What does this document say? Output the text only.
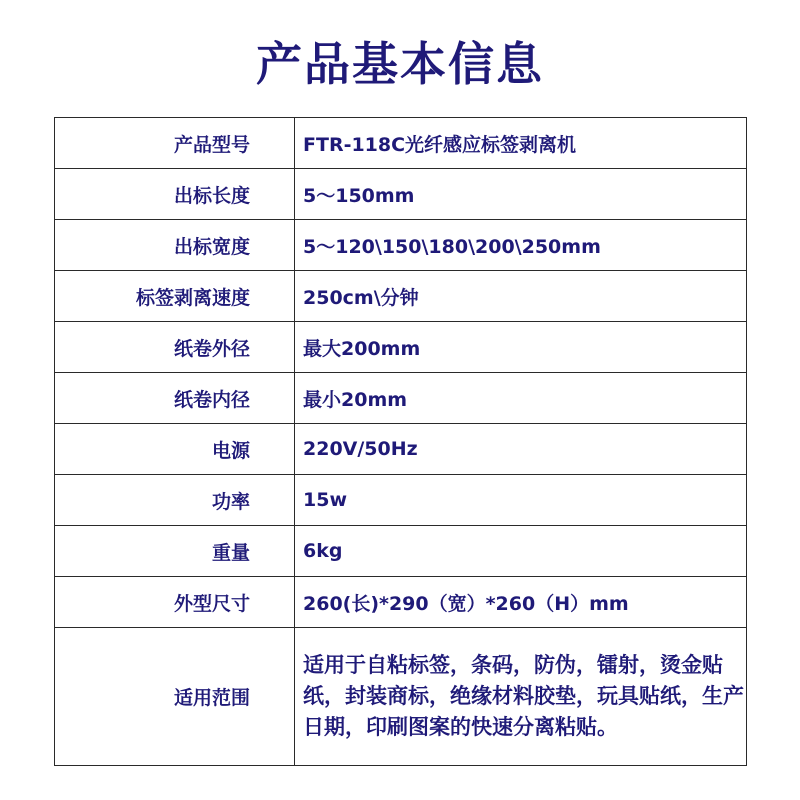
产品基本信息
产品型号	FTR-118C光纤感应标签剥离机
出标长度	5～150mm
出标宽度	5～120\150\180\200\250mm
标签剥离速度	250cm\分钟
纸卷外径	最大200mm
纸卷内径	最小20mm
电源	220V/50Hz
功率	15w
重量	6kg
外型尺寸	260(长)*290（宽）*260（H）mm
适用范围	适用于自粘标签，条码，防伪，镭射，烫金贴纸，封装商标，绝缘材料胶垫，玩具贴纸，生产日期，印刷图案的快速分离粘贴。
